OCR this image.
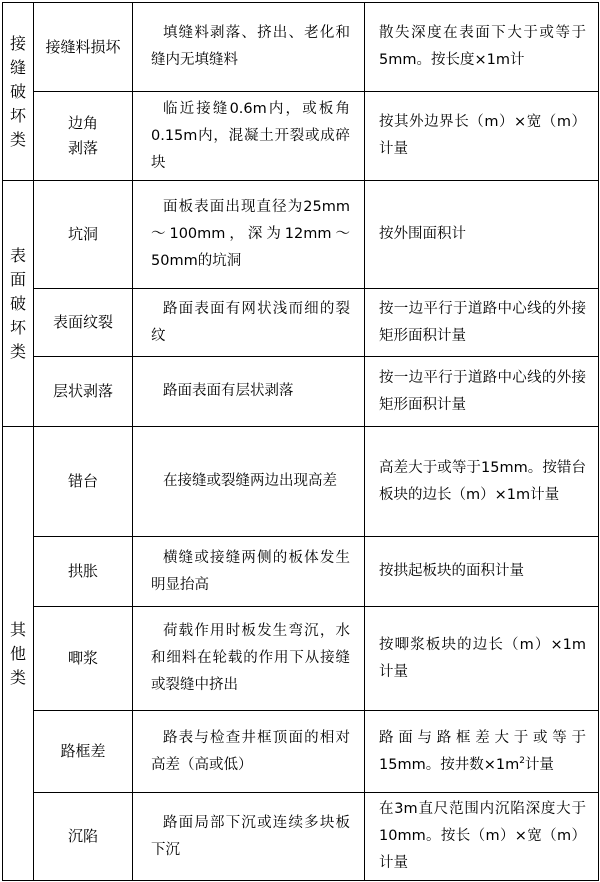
接缝破坏类	接缝料损坏	填缝料剥落、挤出、老化和缝内无填缝料	散失深度在表面下大于或等于5mm。按长度×1m计
	边角剥落	临近接缝0.6m内，或板角0.15m内，混凝土开裂或成碎块	按其外边界长（m）×宽（m）计量
表面破坏类	坑洞	面板表面出现直径为25mm～100mm，深为12mm～50mm的坑洞	按外围面积计
	表面纹裂	路面表面有网状浅而细的裂纹	按一边平行于道路中心线的外接矩形面积计量
	层状剥落	路面表面有层状剥落	按一边平行于道路中心线的外接矩形面积计量
其他类	错台	在接缝或裂缝两边出现高差	高差大于或等于15mm。按错台板块的边长（m）×1m计量
	拱胀	横缝或接缝两侧的板体发生明显抬高	按拱起板块的面积计量
	唧浆	荷载作用时板发生弯沉，水和细料在轮载的作用下从接缝或裂缝中挤出	按唧浆板块的边长（m）×1m计量
	路框差	路表与检查井框顶面的相对高差（高或低）	路面与路框差大于或等于15mm。按井数$\times 1m^2$计量
	沉陷	路面局部下沉或连续多块板下沉	在3m直尺范围内沉陷深度大于10mm。按长（m）×宽（m）计量
